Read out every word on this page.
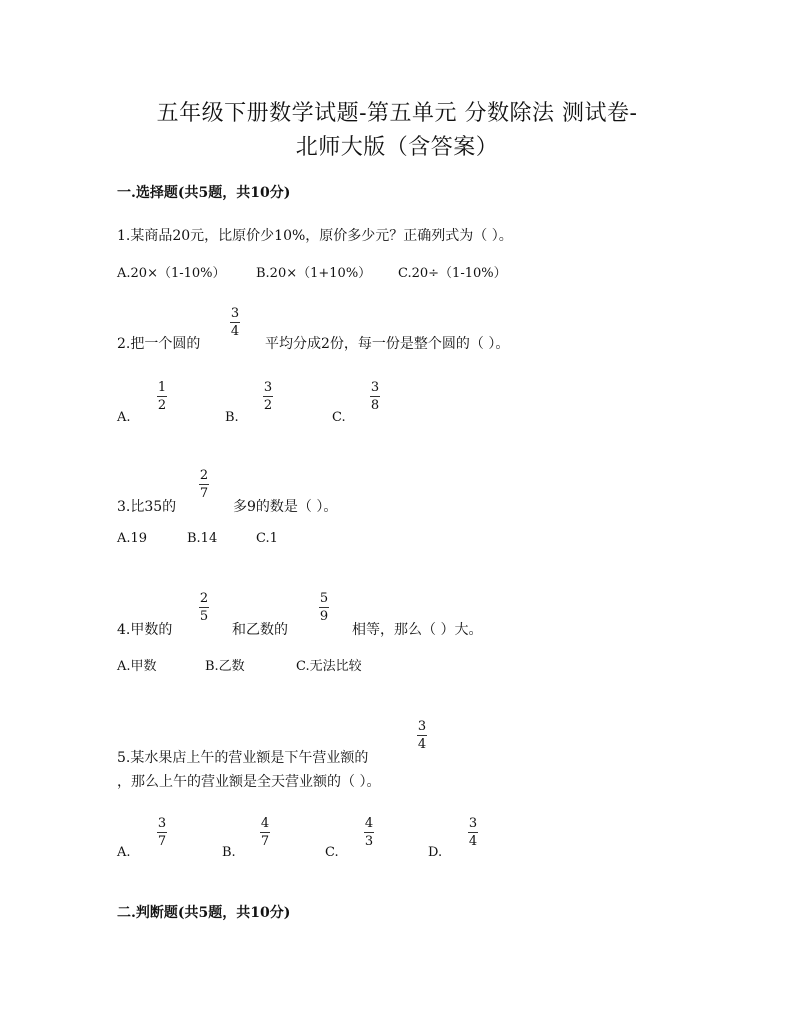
五年级下册数学试题-第五单元 分数除法 测试卷-
北师大版（含答案）
一.选择题(共5题，共10分)
1.某商品20元，比原价少10%，原价多少元？正确列式为（ ）。
A.20×（1-10%） B.20×（1+10%） C.20÷（1-10%）
2.把一个圆的
3
4
平均分成2份，每一份是整个圆的（ ）。
A.
1
2
B.
3
2
C.
3
8
3.比35的
2
7
多9的数是（ ）。
A.19	B.14	C.1
4.甲数的
2
5
和乙数的
5
9
相等，那么（ ）大。
A.甲数	B.乙数	C.无法比较
5.某水果店上午的营业额是下午营业额的
3
4
，那么上午的营业额是全天营业额的（ ）。
A.
3
7
B.
4
7
C.
4
3
D.
3
4
二.判断题(共5题，共10分)
